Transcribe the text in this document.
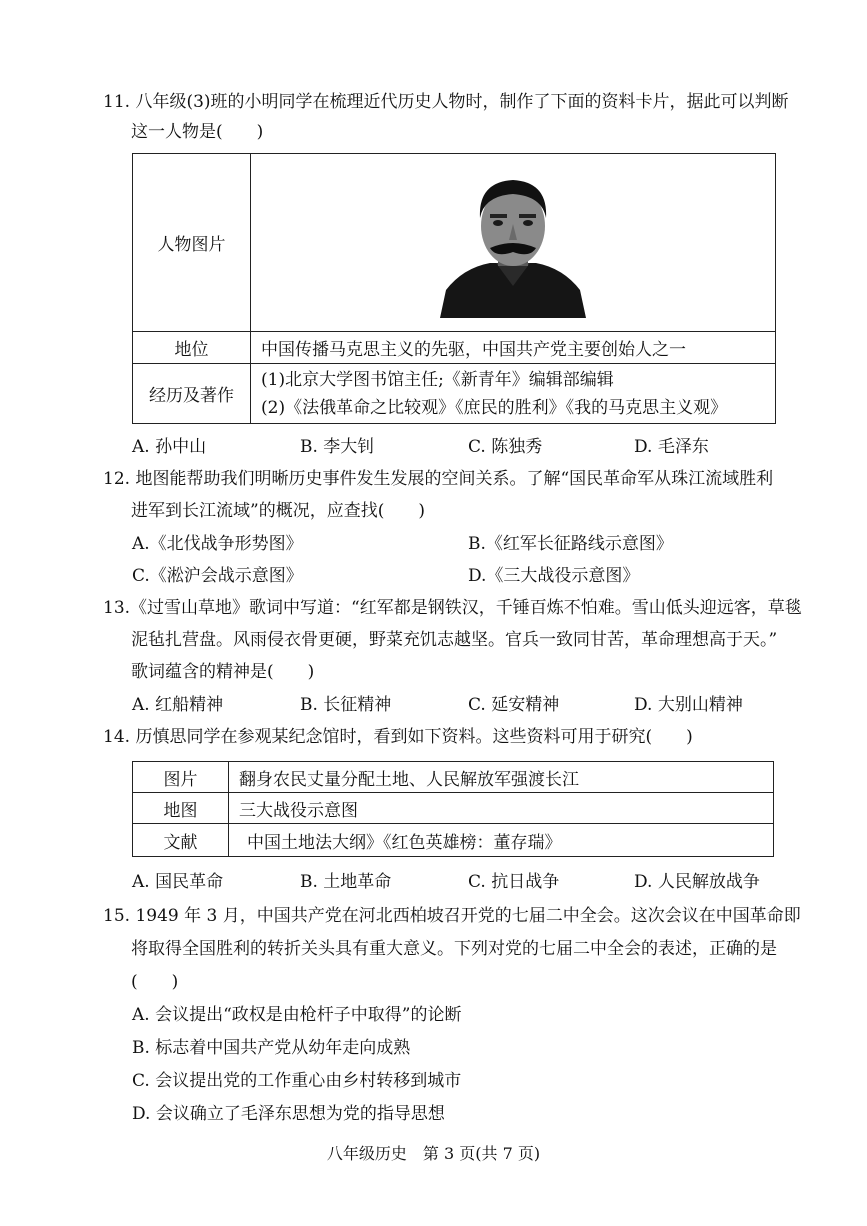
11. 八年级(3)班的小明同学在梳理近代历史人物时，制作了下面的资料卡片，据此可以判断
这一人物是(　　)
人物图片	

地位	中国传播马克思主义的先驱，中国共产党主要创始人之一
经历及著作	(1)北京大学图书馆主任;《新青年》编辑部编辑
(2)《法俄革命之比较观》《庶民的胜利》《我的马克思主义观》
A. 孙中山	B. 李大钊	C. 陈独秀	D. 毛泽东
12. 地图能帮助我们明晰历史事件发生发展的空间关系。了解“国民革命军从珠江流域胜利
进军到长江流域”的概况，应查找(　　)
A.《北伐战争形势图》	B.《红军长征路线示意图》
C.《淞沪会战示意图》	D.《三大战役示意图》
13.《过雪山草地》歌词中写道：“红军都是钢铁汉，千锤百炼不怕难。雪山低头迎远客，草毯
泥毡扎营盘。风雨侵衣骨更硬，野菜充饥志越坚。官兵一致同甘苦，革命理想高于天。”
歌词蕴含的精神是(　　)
A. 红船精神	B. 长征精神	C. 延安精神	D. 大别山精神
14. 历慎思同学在参观某纪念馆时，看到如下资料。这些资料可用于研究(　　)
图片	翻身农民丈量分配土地、人民解放军强渡长江
地图	三大战役示意图
文献	中国土地法大纲》《红色英雄榜：董存瑞》
A. 国民革命	B. 土地革命	C. 抗日战争	D. 人民解放战争
15. 1949 年 3 月，中国共产党在河北西柏坡召开党的七届二中全会。这次会议在中国革命即
将取得全国胜利的转折关头具有重大意义。下列对党的七届二中全会的表述，正确的是
(　　)
A. 会议提出“政权是由枪杆子中取得”的论断
B. 标志着中国共产党从幼年走向成熟
C. 会议提出党的工作重心由乡村转移到城市
D. 会议确立了毛泽东思想为党的指导思想
八年级历史　第 3 页(共 7 页)
